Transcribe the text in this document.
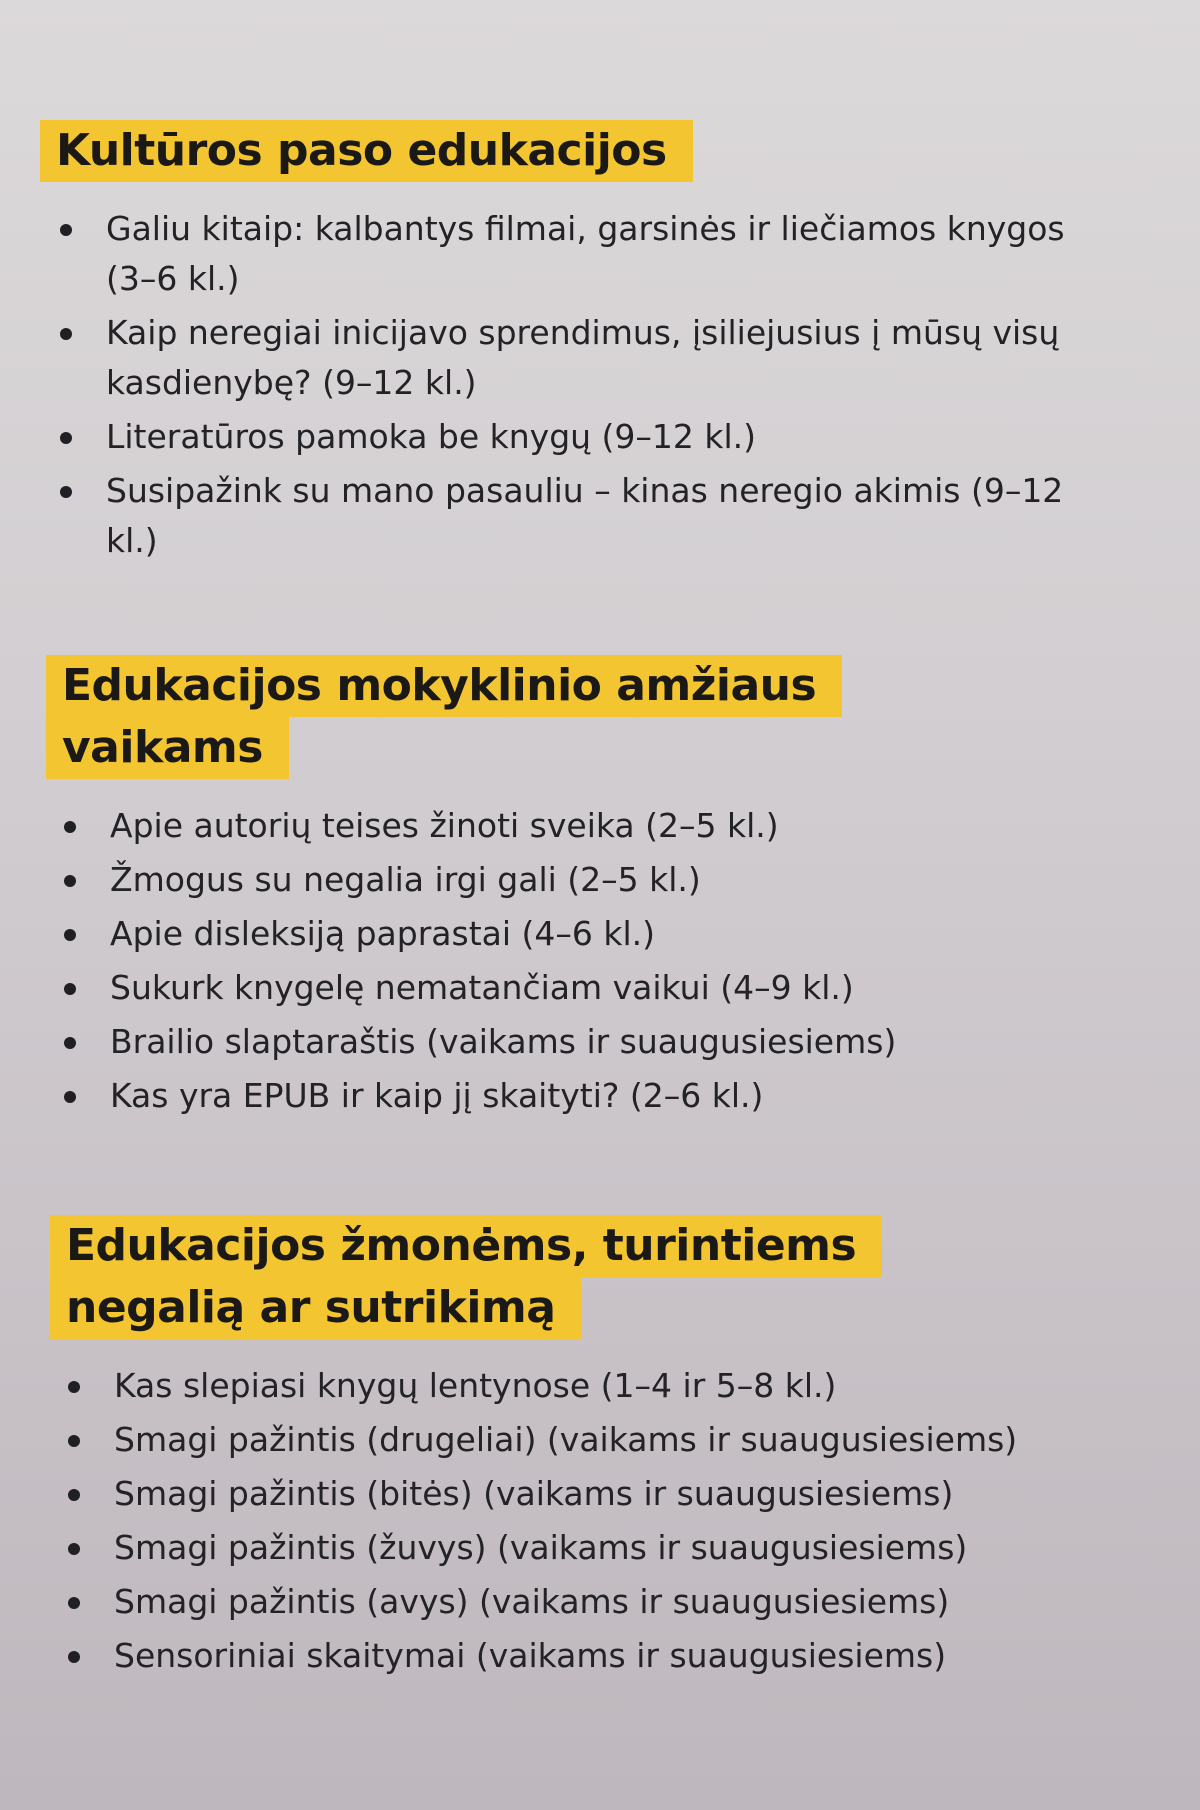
Kultūros paso edukacijos
Galiu kitaip: kalbantys filmai, garsinės ir liečiamos knygos (3–6 kl.)
Kaip neregiai inicijavo sprendimus, įsiliejusius į mūsų visų kasdienybę? (9–12 kl.)
Literatūros pamoka be knygų (9–12 kl.)
Susipažink su mano pasauliu – kinas neregio akimis (9–12 kl.)
Edukacijos mokyklinio amžiaus
vaikams
Apie autorių teises žinoti sveika (2–5 kl.)
Žmogus su negalia irgi gali (2–5 kl.)
Apie disleksiją paprastai (4–6 kl.)
Sukurk knygelę nematančiam vaikui (4–9 kl.)
Brailio slaptaraštis (vaikams ir suaugusiesiems)
Kas yra EPUB ir kaip jį skaityti? (2–6 kl.)
Edukacijos žmonėms, turintiems
negalią ar sutrikimą
Kas slepiasi knygų lentynose (1–4 ir 5–8 kl.)
Smagi pažintis (drugeliai) (vaikams ir suaugusiesiems)
Smagi pažintis (bitės) (vaikams ir suaugusiesiems)
Smagi pažintis (žuvys) (vaikams ir suaugusiesiems)
Smagi pažintis (avys) (vaikams ir suaugusiesiems)
Sensoriniai skaitymai (vaikams ir suaugusiesiems)
